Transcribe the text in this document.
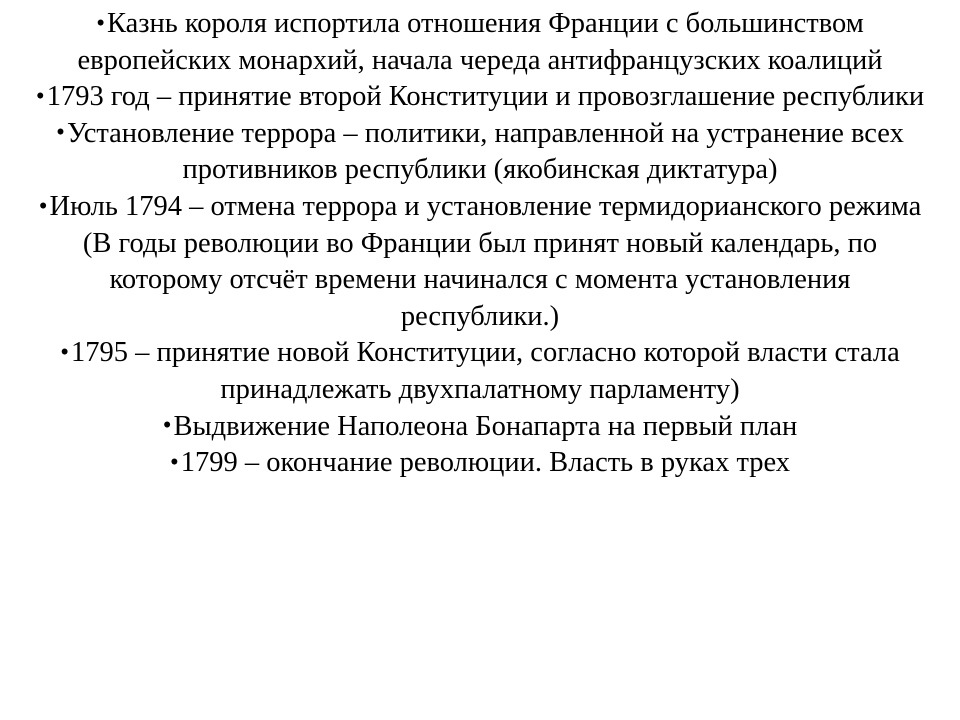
•Казнь короля испортила отношения Франции с большинством европейских монархий, начала череда антифранцузских коалиций
•1793 год – принятие второй Конституции и провозглашение республики
•Установление террора – политики, направленной на устранение всех противников республики (якобинская диктатура)
•Июль 1794 – отмена террора и установление термидорианского режима (В годы революции во Франции был принят новый календарь, по которому отсчёт времени начинался с момента установления республики.)
•1795 – принятие новой Конституции, согласно которой власти стала принадлежать двухпалатному парламенту)
•Выдвижение Наполеона Бонапарта на первый план
•1799 – окончание революции. Власть в руках трех
